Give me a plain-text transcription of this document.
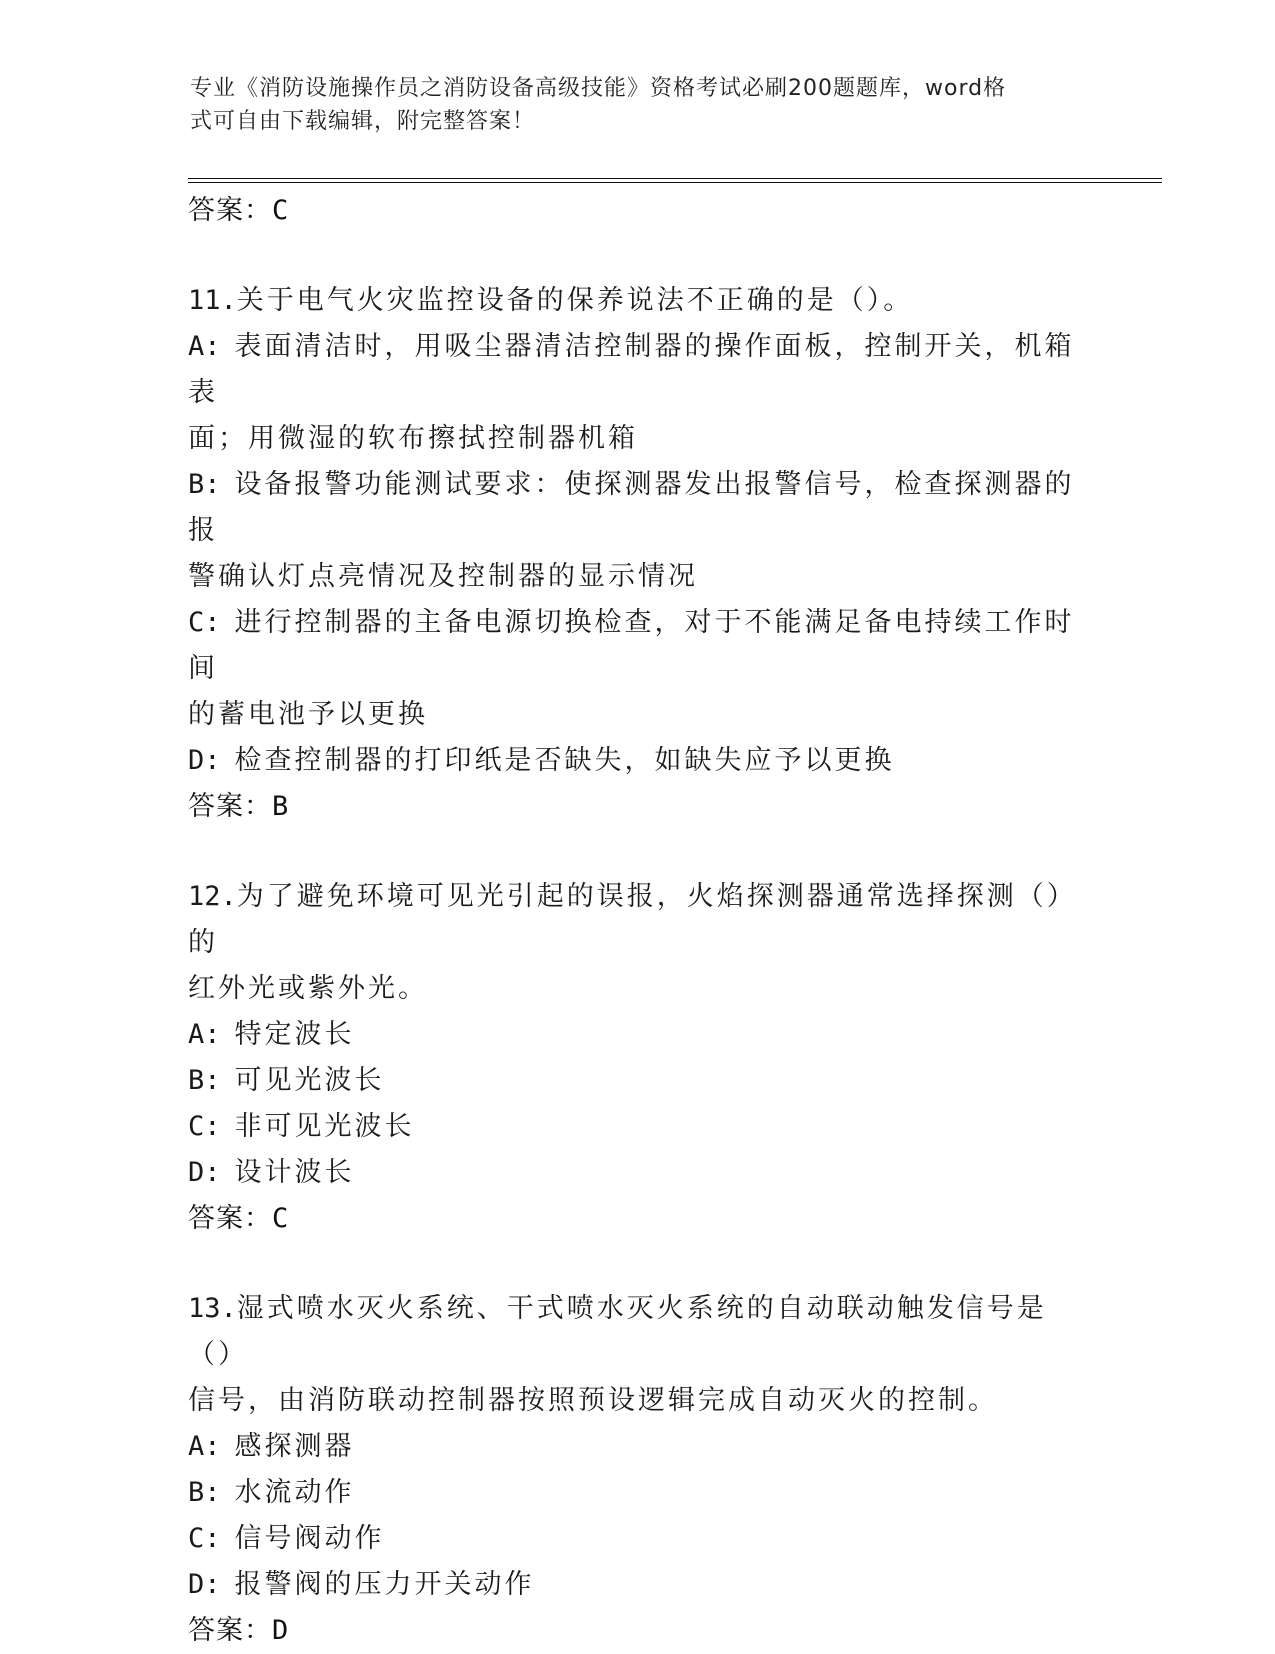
专业《消防设施操作员之消防设备高级技能》资格考试必刷200题题库，word格
式可自由下载编辑，附完整答案！
答案：C
11.关于电气火灾监控设备的保养说法不正确的是（）。
A: 表面清洁时，用吸尘器清洁控制器的操作面板，控制开关，机箱表
面；用微湿的软布擦拭控制器机箱
B: 设备报警功能测试要求：使探测器发出报警信号，检查探测器的报
警确认灯点亮情况及控制器的显示情况
C: 进行控制器的主备电源切换检查，对于不能满足备电持续工作时间
的蓄电池予以更换
D: 检查控制器的打印纸是否缺失，如缺失应予以更换
答案：B
12.为了避免环境可见光引起的误报，火焰探测器通常选择探测（）的
红外光或紫外光。
A: 特定波长
B: 可见光波长
C: 非可见光波长
D: 设计波长
答案：C
13.湿式喷水灭火系统、干式喷水灭火系统的自动联动触发信号是（）
信号，由消防联动控制器按照预设逻辑完成自动灭火的控制。
A: 感探测器
B: 水流动作
C: 信号阀动作
D: 报警阀的压力开关动作
答案：D
